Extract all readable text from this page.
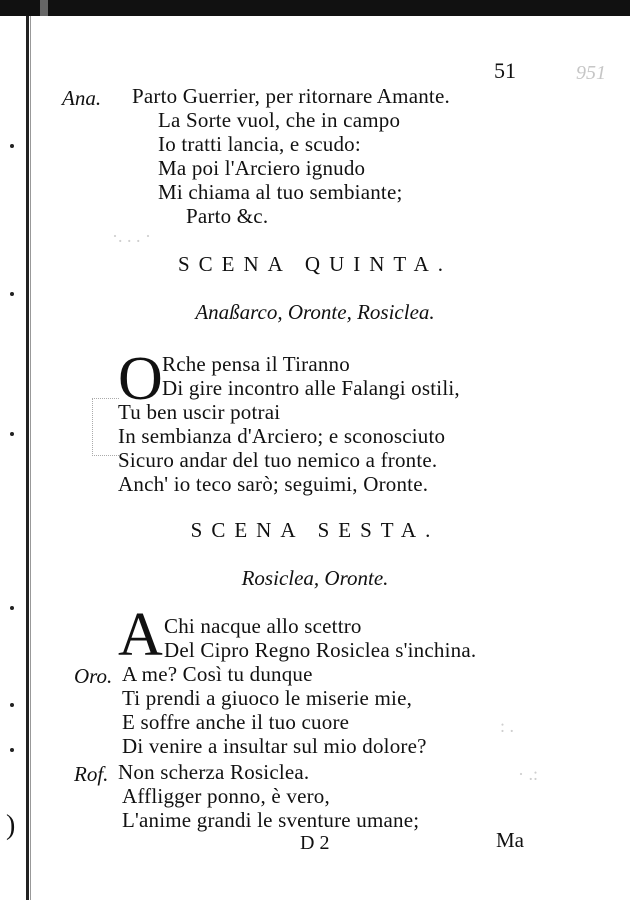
51	951
Ana. Parto Guerrier, per ritornare Amante.
La Sorte vuol, che in campo
Io tratti lancia, e scudo:
Ma poi l'Arciero ignudo
Mi chiama al tuo sembiante;
Parto &c.
·. . . ·
SCENA QUINTA.
Anaßarco, Oronte, Rosiclea.
O Rche pensa il Tiranno
Di gire incontro alle Falangi ostili,
Tu ben uscir potrai
In sembianza d'Arciero; e sconosciuto
Sicuro andar del tuo nemico a fronte.
Anch' io teco sarò; seguimi, Oronte.
SCENA SESTA.
Rosiclea, Oronte.
A Chi nacque allo scettro
Del Cipro Regno Rosiclea s'inchina.
Oro. A me? Così tu dunque
Ti prendi a giuoco le miserie mie,
E soffre anche il tuo cuore
Di venire a insultar sul mio dolore?
Rof. Non scherza Rosiclea.
Affligger ponno, è vero,
L'anime grandi le sventure umane;
: .
· .:
)
D 2	Ma
